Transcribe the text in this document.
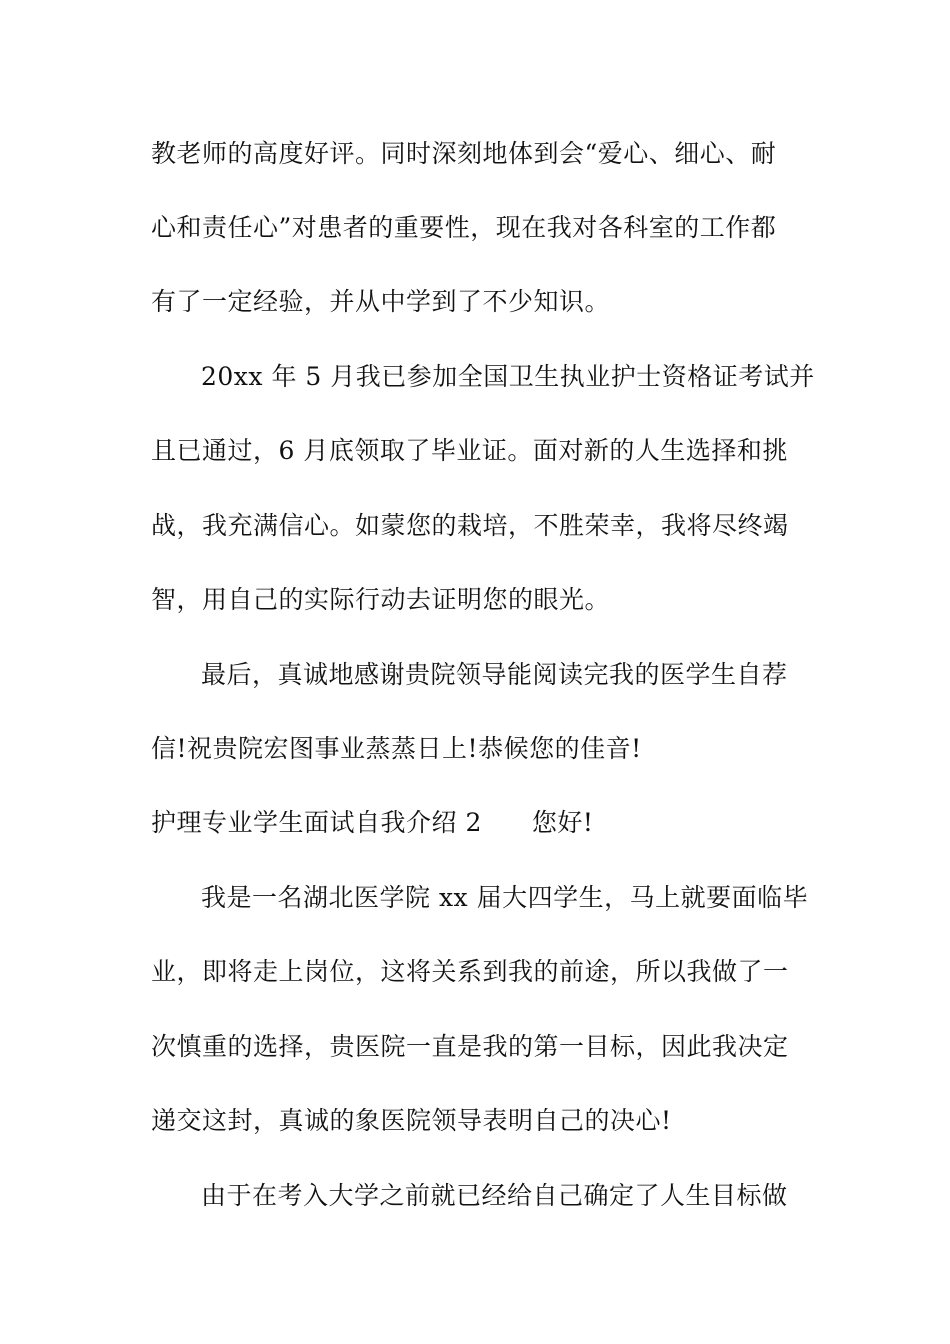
教老师的高度好评。同时深刻地体到会“爱心、细心、耐
心和责任心”对患者的重要性，现在我对各科室的工作都
有了一定经验，并从中学到了不少知识。
20xx 年 5 月我已参加全国卫生执业护士资格证考试并
且已通过，6 月底领取了毕业证。面对新的人生选择和挑
战，我充满信心。如蒙您的栽培，不胜荣幸，我将尽终竭
智，用自己的实际行动去证明您的眼光。
最后，真诚地感谢贵院领导能阅读完我的医学生自荐
信!祝贵院宏图事业蒸蒸日上!恭候您的佳音!
护理专业学生面试自我介绍 2 您好!
我是一名湖北医学院 xx 届大四学生，马上就要面临毕
业，即将走上岗位，这将关系到我的前途，所以我做了一
次慎重的选择，贵医院一直是我的第一目标，因此我决定
递交这封，真诚的象医院领导表明自己的决心!
由于在考入大学之前就已经给自己确定了人生目标做
